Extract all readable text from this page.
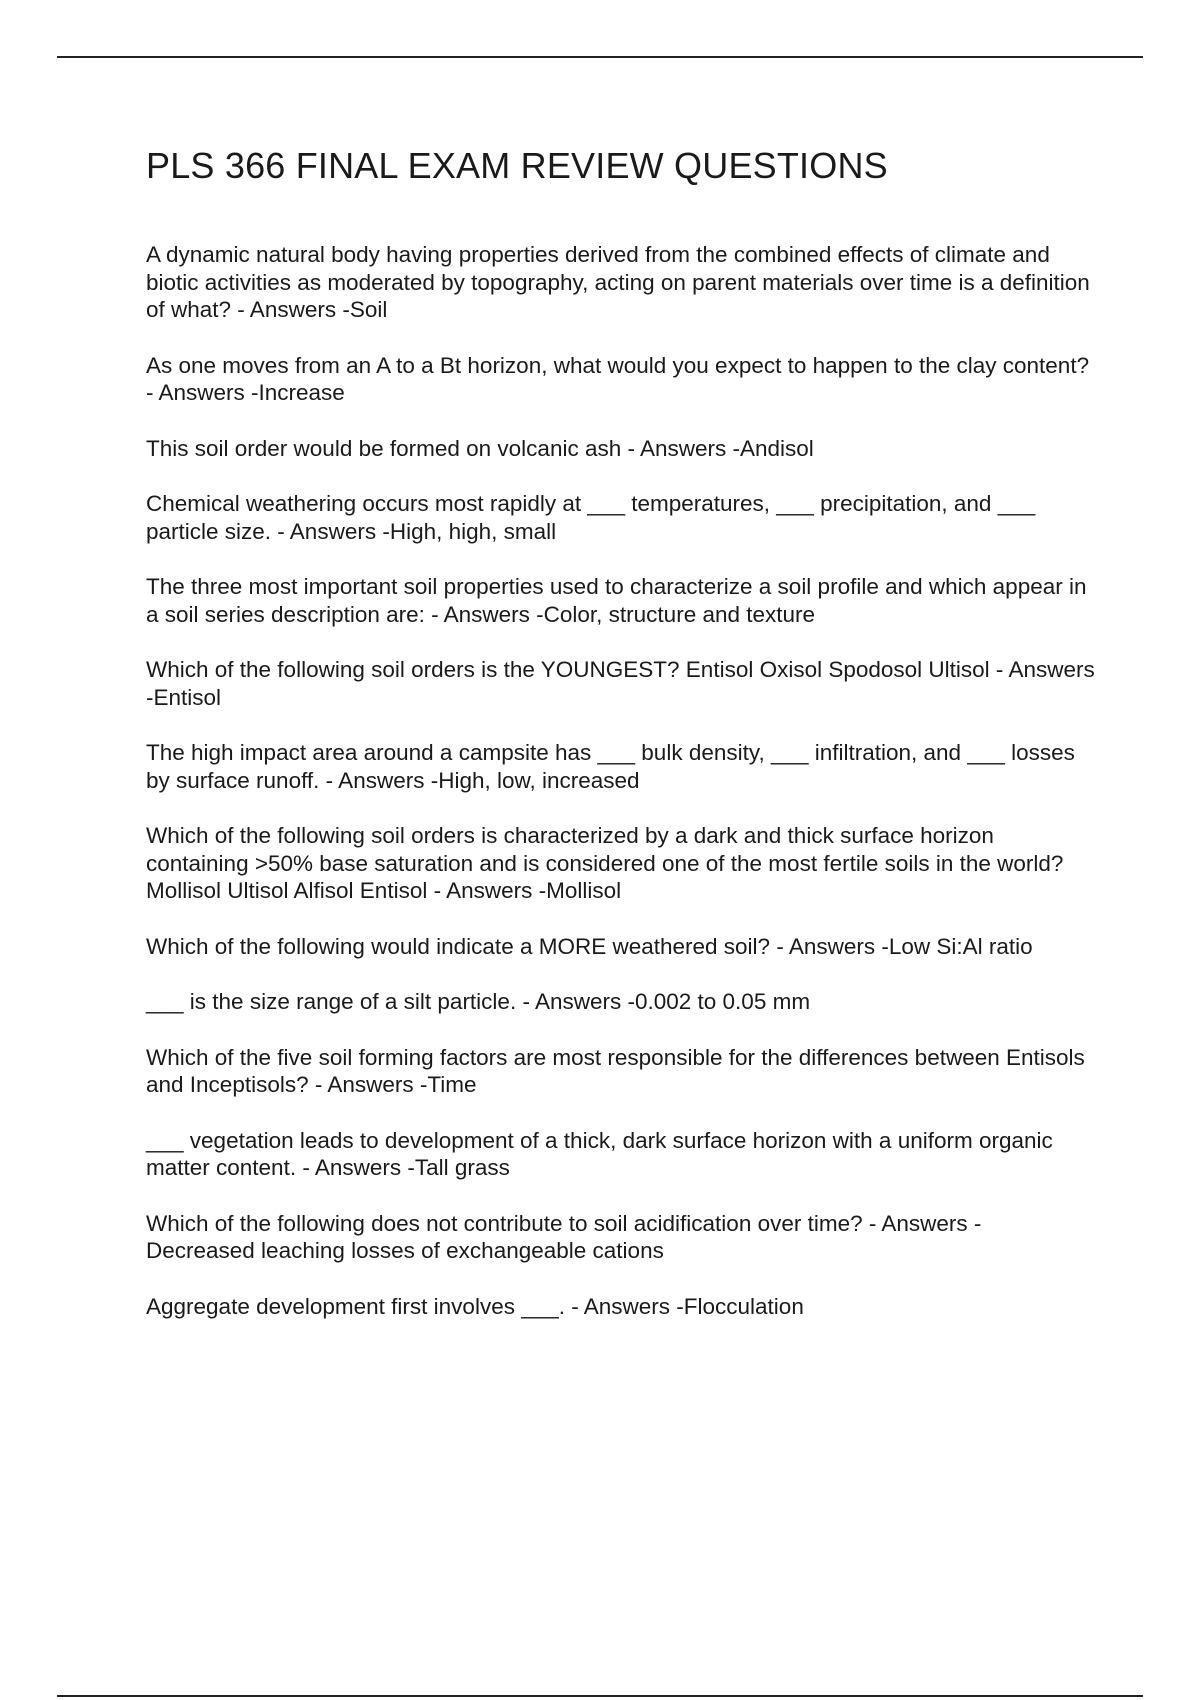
PLS 366 FINAL EXAM REVIEW QUESTIONS
A dynamic natural body having properties derived from the combined effects of climate and biotic activities as moderated by topography, acting on parent materials over time is a definition of what? - Answers -Soil
As one moves from an A to a Bt horizon, what would you expect to happen to the clay content? - Answers -Increase
This soil order would be formed on volcanic ash - Answers -Andisol
Chemical weathering occurs most rapidly at ___ temperatures, ___ precipitation, and ___ particle size. - Answers -High, high, small
The three most important soil properties used to characterize a soil profile and which appear in a soil series description are: - Answers -Color, structure and texture
Which of the following soil orders is the YOUNGEST? Entisol Oxisol Spodosol Ultisol - Answers -Entisol
The high impact area around a campsite has ___ bulk density, ___ infiltration, and ___ losses by surface runoff. - Answers -High, low, increased
Which of the following soil orders is characterized by a dark and thick surface horizon containing >50% base saturation and is considered one of the most fertile soils in the world? Mollisol Ultisol Alfisol Entisol - Answers -Mollisol
Which of the following would indicate a MORE weathered soil? - Answers -Low Si:Al ratio
___ is the size range of a silt particle. - Answers -0.002 to 0.05 mm
Which of the five soil forming factors are most responsible for the differences between Entisols and Inceptisols? - Answers -Time
___ vegetation leads to development of a thick, dark surface horizon with a uniform organic matter content. - Answers -Tall grass
Which of the following does not contribute to soil acidification over time? - Answers - Decreased leaching losses of exchangeable cations
Aggregate development first involves ___. - Answers -Flocculation
